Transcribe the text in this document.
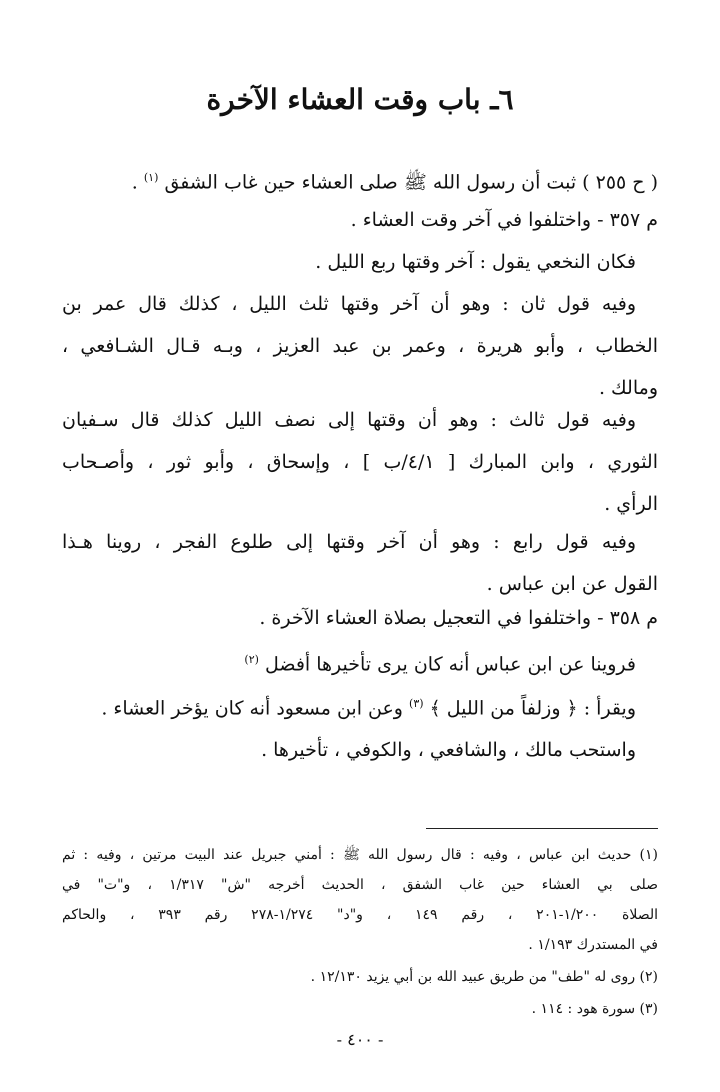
٦ـ باب وقت العشاء الآخرة
( ح ٢٥٥ ) ثبت أن رسول الله ﷺ صلى العشاء حين غاب الشفق $^{(١)}$ .
م ٣٥٧ - واختلفوا في آخر وقت العشاء .
فكان النخعي يقول : آخر وقتها ربع الليل .
وفيه قول ثان : وهو أن آخر وقتها ثلث الليل ، كذلك قال عمر بن
الخطاب ، وأبو هريرة ، وعمر بن عبد العزيز ، وبـه قـال الشـافعي ،
ومالك .
وفيه قول ثالث : وهو أن وقتها إلى نصف الليل كذلك قال سـفيان
الثوري ، وابن المبارك [ ٤/١/ب ] ، وإسحاق ، وأبو ثور ، وأصـحاب
الرأي .
وفيه قول رابع : وهو أن آخر وقتها إلى طلوع الفجر ، روينا هـذا
القول عن ابن عباس .
م ٣٥٨ - واختلفوا في التعجيل بصلاة العشاء الآخرة .
فروينا عن ابن عباس أنه كان يرى تأخيرها أفضل $^{(٢)}$
ويقرأ : ﴿ وزلفاً من الليل ﴾ $^{(٣)}$ وعن ابن مسعود أنه كان يؤخر العشاء .
واستحب مالك ، والشافعي ، والكوفي ، تأخيرها .
(١) حديث ابن عباس ، وفيه : قال رسول الله ﷺ : أمني جبريل عند البيت مرتين ، وفيه : ثم
صلى بي العشاء حين غاب الشفق ، الحديث أخرجه "ش" ١/٣١٧ ، و"ت" في
الصلاة ١/٢٠٠-٢٠١ ، رقم ١٤٩ ، و"د" ١/٢٧٤-٢٧٨ رقم ٣٩٣ ، والحاكم
في المستدرك ١/١٩٣ .
(٢) روى له "طف" من طريق عبيد الله بن أبي يزيد ١٢/١٣٠ .
(٣) سورة هود : ١١٤ .
- ٤٠٠ -
